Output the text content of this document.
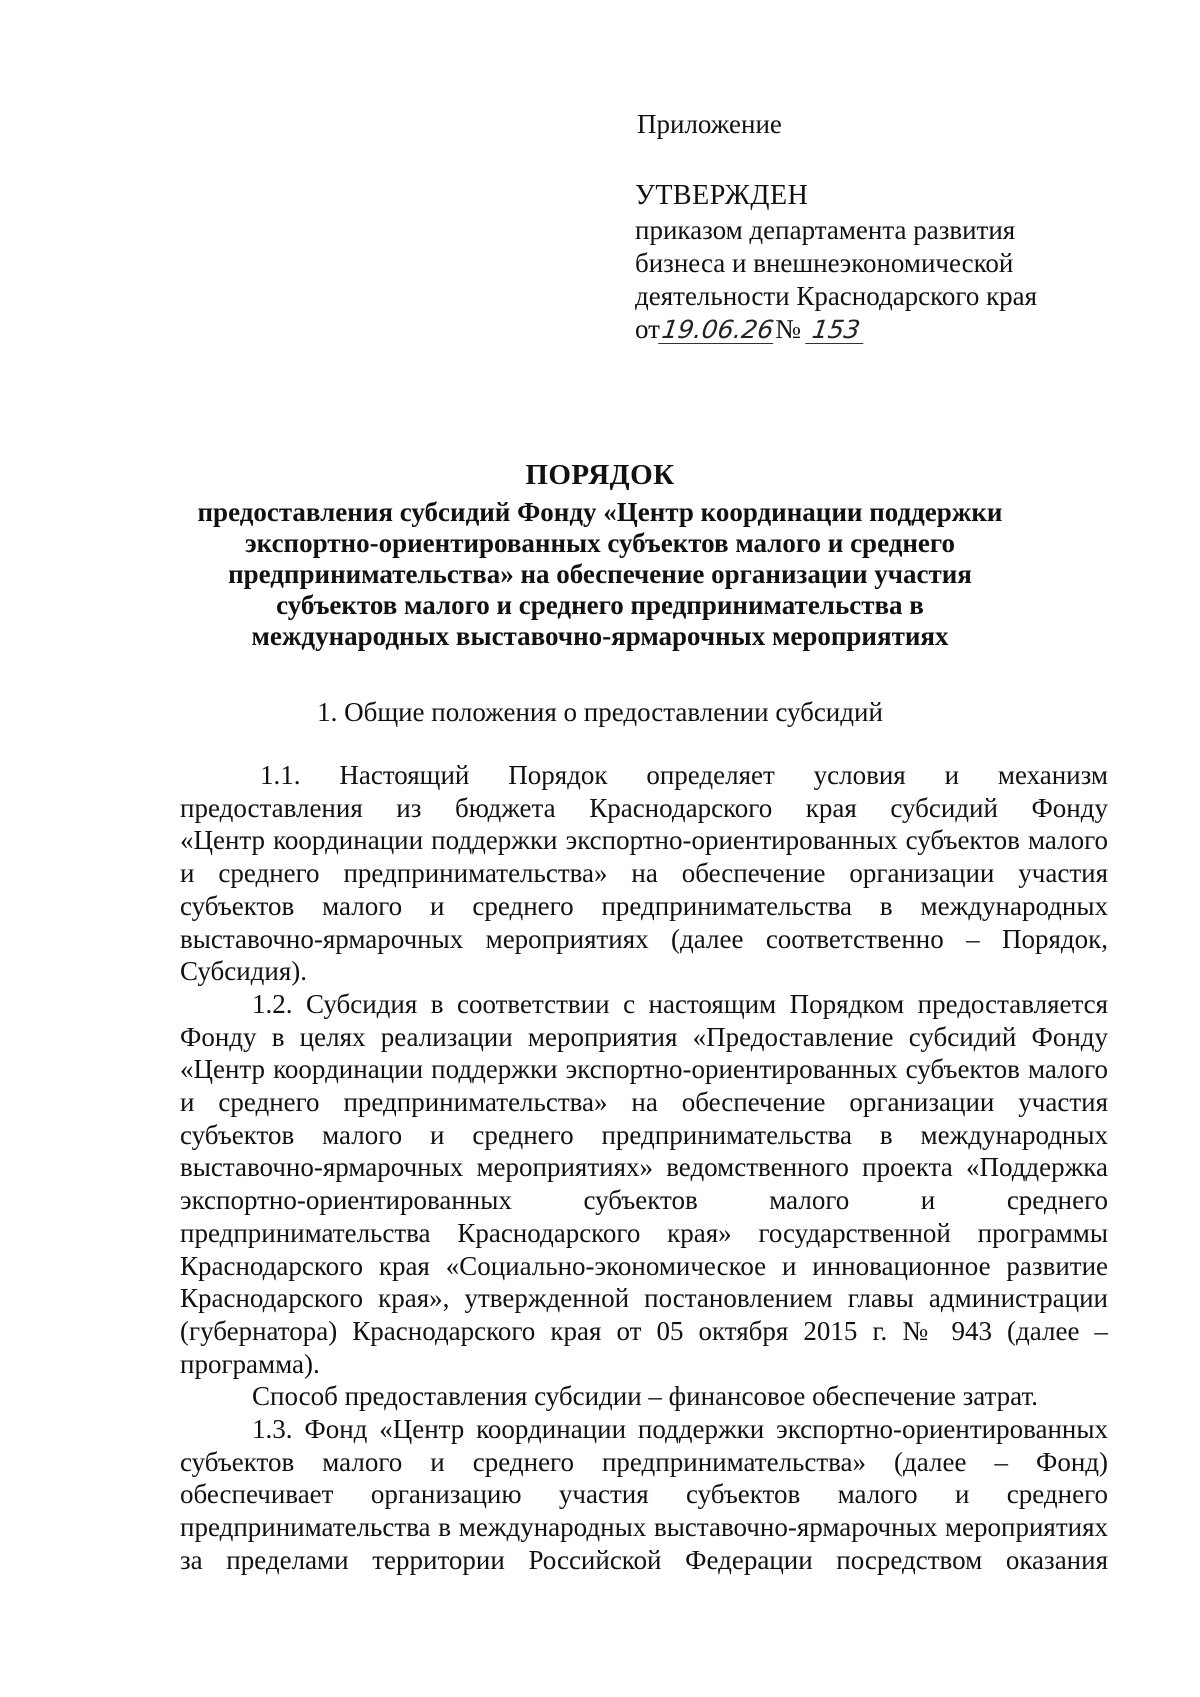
Приложение
УТВЕРЖДЕН
приказом департамента развития
бизнеса и внешнеэкономической
деятельности Краснодарского края
от19.06.26№ 153
ПОРЯДОК
предоставления субсидий Фонду «Центр координации поддержки
экспортно-ориентированных субъектов малого и среднего
предпринимательства» на обеспечение организации участия
субъектов малого и среднего предпринимательства в
международных выставочно-ярмарочных мероприятиях
1. Общие положения о предоставлении субсидий
1.1. Настоящий Порядок определяет условия и механизм
предоставления из бюджета Краснодарского края субсидий Фонду
«Центр координации поддержки экспортно-ориентированных субъектов малого
и среднего предпринимательства» на обеспечение организации участия
субъектов малого и среднего предпринимательства в международных
выставочно-ярмарочных мероприятиях (далее соответственно – Порядок,
Субсидия).
1.2. Субсидия в соответствии с настоящим Порядком предоставляется
Фонду в целях реализации мероприятия «Предоставление субсидий Фонду
«Центр координации поддержки экспортно-ориентированных субъектов малого
и среднего предпринимательства» на обеспечение организации участия
субъектов малого и среднего предпринимательства в международных
выставочно-ярмарочных мероприятиях» ведомственного проекта «Поддержка
экспортно-ориентированных субъектов малого и среднего
предпринимательства Краснодарского края» государственной программы
Краснодарского края «Социально-экономическое и инновационное развитие
Краснодарского края», утвержденной постановлением главы администрации
(губернатора) Краснодарского края от 05 октября 2015 г. № 943 (далее –
программа).
Способ предоставления субсидии – финансовое обеспечение затрат.
1.3. Фонд «Центр координации поддержки экспортно-ориентированных
субъектов малого и среднего предпринимательства» (далее – Фонд)
обеспечивает организацию участия субъектов малого и среднего
предпринимательства в международных выставочно-ярмарочных мероприятиях
за пределами территории Российской Федерации посредством оказания
